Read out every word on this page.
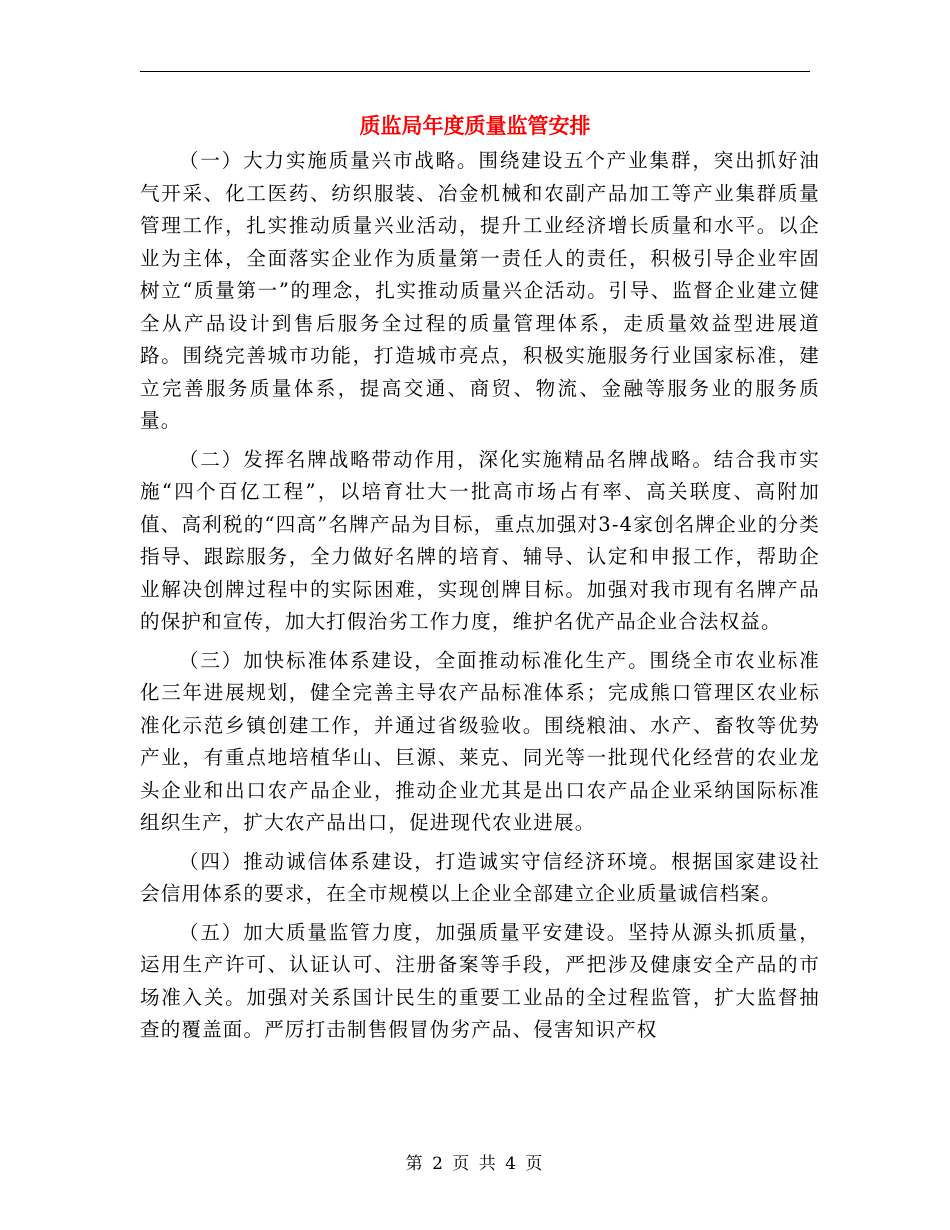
质监局年度质量监管安排

（一）大力实施质量兴市战略。围绕建设五个产业集群，突出抓好油气开采、化工医药、纺织服装、冶金机械和农副产品加工等产业集群质量管理工作，扎实推动质量兴业活动，提升工业经济增长质量和水平。以企业为主体，全面落实企业作为质量第一责任人的责任，积极引导企业牢固树立“质量第一”的理念，扎实推动质量兴企活动。引导、监督企业建立健全从产品设计到售后服务全过程的质量管理体系，走质量效益型进展道路。围绕完善城市功能，打造城市亮点，积极实施服务行业国家标准，建立完善服务质量体系，提高交通、商贸、物流、金融等服务业的服务质量。

（二）发挥名牌战略带动作用，深化实施精品名牌战略。结合我市实施“四个百亿工程”，以培育壮大一批高市场占有率、高关联度、高附加值、高利税的“四高”名牌产品为目标，重点加强对3-4家创名牌企业的分类指导、跟踪服务，全力做好名牌的培育、辅导、认定和申报工作，帮助企业解决创牌过程中的实际困难，实现创牌目标。加强对我市现有名牌产品的保护和宣传，加大打假治劣工作力度，维护名优产品企业合法权益。

（三）加快标准体系建设，全面推动标准化生产。围绕全市农业标准化三年进展规划，健全完善主导农产品标准体系；完成熊口管理区农业标准化示范乡镇创建工作，并通过省级验收。围绕粮油、水产、畜牧等优势产业，有重点地培植华山、巨源、莱克、同光等一批现代化经营的农业龙头企业和出口农产品企业，推动企业尤其是出口农产品企业采纳国际标准组织生产，扩大农产品出口，促进现代农业进展。

（四）推动诚信体系建设，打造诚实守信经济环境。根据国家建设社会信用体系的要求，在全市规模以上企业全部建立企业质量诚信档案。

（五）加大质量监管力度，加强质量平安建设。坚持从源头抓质量，运用生产许可、认证认可、注册备案等手段，严把涉及健康安全产品的市场准入关。加强对关系国计民生的重要工业品的全过程监管，扩大监督抽查的覆盖面。严厉打击制售假冒伪劣产品、侵害知识产权

第 2 页 共 4 页
